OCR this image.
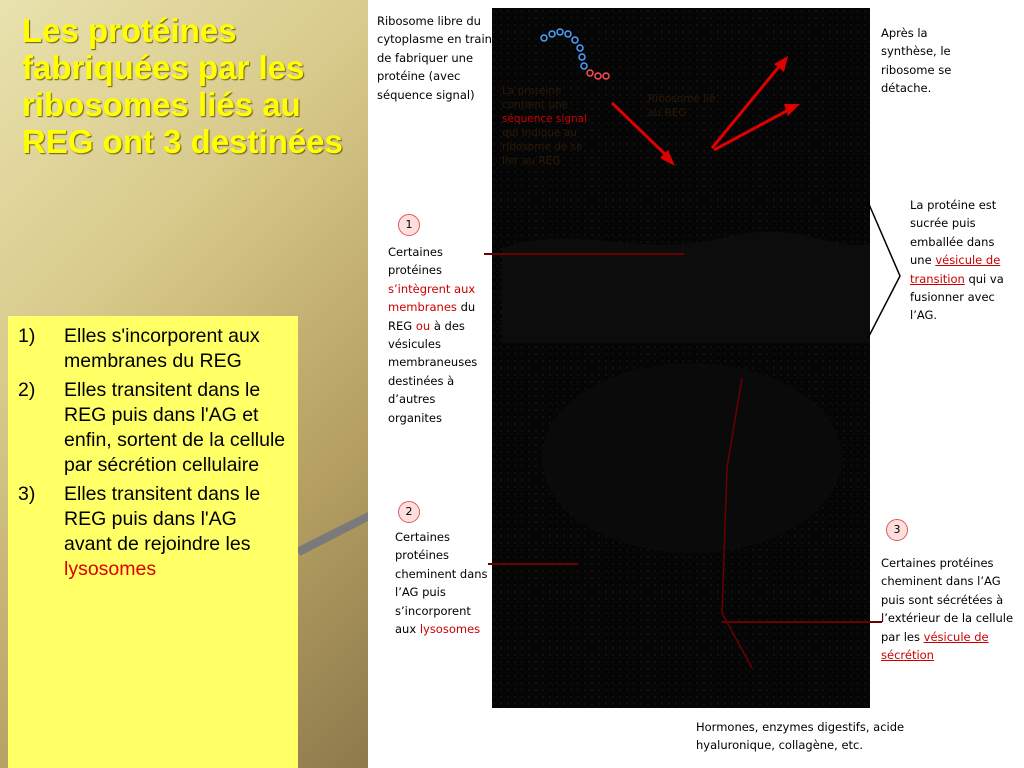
Les protéines fabriquées par les ribosomes liés au REG ont 3 destinées
1) Elles s'incorporent aux membranes du REG
2) Elles transitent dans le REG puis dans l'AG et enfin, sortent de la cellule par sécrétion cellulaire
3) Elles transitent dans le REG puis dans l'AG avant de rejoindre les lysosomes
La protéine contient une séquence signal qui indique au ribosome de se lier au REG
Ribosome lié au REG
Ribosome libre du cytoplasme en train de fabriquer une protéine (avec séquence signal)
Après la synthèse, le ribosome se détache.
La protéine est sucrée puis emballée dans une vésicule de transition qui va fusionner avec l’AG.
1
Certaines protéines s’intègrent aux membranes du REG ou à des vésicules membraneuses destinées à d’autres organites
2
Certaines protéines cheminent dans l’AG puis s’incorporent aux lysosomes
3
Certaines protéines cheminent dans l’AG puis sont sécrétées à l’extérieur de la cellule par les vésicule de sécrétion
Hormones, enzymes digestifs, acide hyaluronique, collagène, etc.
